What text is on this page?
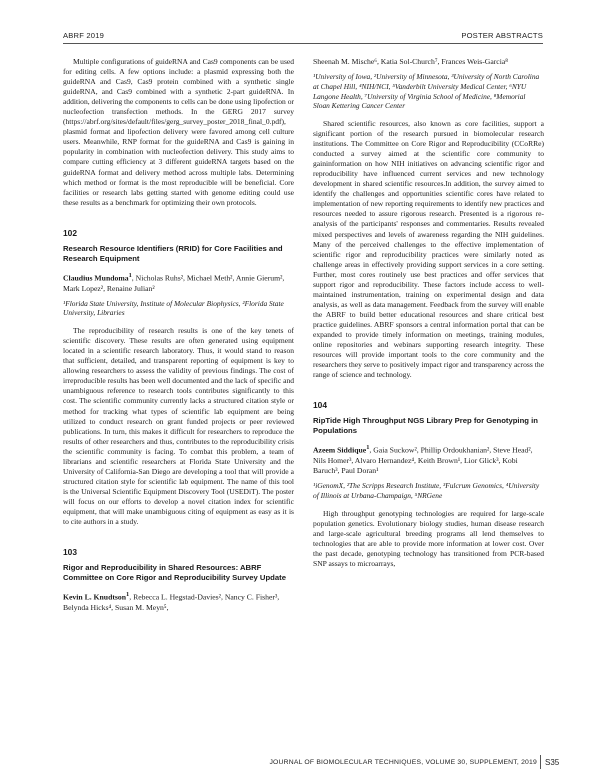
ABRF 2019	POSTER ABSTRACTS

Multiple configurations of guideRNA and Cas9 components can be used for editing cells. A few options include: a plasmid expressing both the guideRNA and Cas9, Cas9 protein combined with a synthetic single guideRNA, and Cas9 combined with a synthetic 2-part guideRNA. In addition, delivering the components to cells can be done using lipofection or nucleofection transfection methods. In the GERG 2017 survey (https://abrf.org/sites/default/files/gerg_survey_poster_2018_final_0.pdf), plasmid format and lipofection delivery were favored among cell culture users. Meanwhile, RNP format for the guideRNA and Cas9 is gaining in popularity in combination with nucleofection delivery. This study aims to compare cutting efficiency at 3 different guideRNA targets based on the guideRNA format and delivery method across multiple labs. Determining which method or format is the most reproducible will be beneficial. Core facilities or research labs getting started with genome editing could use these results as a benchmark for optimizing their own protocols.

102
Research Resource Identifiers (RRID) for Core Facilities and Research Equipment
Claudius Mundoma$^1$, Nicholas Ruhs², Michael Meth², Annie Gierum², Mark Lopez², Renaine Julian²
¹Florida State University, Institute of Molecular Biophysics, ²Florida State University, Libraries

The reproducibility of research results is one of the key tenets of scientific discovery. These results are often generated using equipment located in a scientific research laboratory. Thus, it would stand to reason that sufficient, detailed, and transparent reporting of equipment is key to allowing researchers to assess the validity of previous findings. The cost of irreproducible results has been well documented and the lack of specific and unambiguous reference to research tools contributes significantly to this cost. The scientific community currently lacks a structured citation style or method for tracking what types of scientific lab equipment are being utilized to conduct research on grant funded projects or peer reviewed publications. In turn, this makes it difficult for researchers to reproduce the results of other researchers and thus, contributes to the reproducibility crisis the scientific community is facing. To combat this problem, a team of librarians and scientific researchers at Florida State University and the University of California-San Diego are developing a tool that will provide a structured citation style for scientific lab equipment. The name of this tool is the Universal Scientific Equipment Discovery Tool (USEDiT). The poster will focus on our efforts to develop a novel citation index for scientific equipment, that will make unambiguous citing of equipment as easy as it is to cite authors in a study.

103
Rigor and Reproducibility in Shared Resources: ABRF Committee on Core Rigor and Reproducibility Survey Update
Kevin L. Knudtson$^1$, Rebecca L. Hegstad-Davies², Nancy C. Fisher³, Belynda Hicks⁴, Susan M. Meyn⁵,
Sheenah M. Mische⁶, Katia Sol-Church⁷, Frances Weis-Garcia⁸
¹University of Iowa, ²University of Minnesota, ³University of North Carolina at Chapel Hill, ⁴NIH/NCI, ⁵Vanderbilt University Medical Center, ⁶NYU Langone Health, ⁷University of Virginia School of Medicine, ⁸Memorial Sloan Kettering Cancer Center

Shared scientific resources, also known as core facilities, support a significant portion of the research pursued in biomolecular research institutions. The Committee on Core Rigor and Reproducibility (CCoRRe) conducted a survey aimed at the scientific core community to gaininformation on how NIH initiatives on advancing scientific rigor and reproducibility have influenced current services and new technology development in shared scientific resources.In addition, the survey aimed to identify the challenges and opportunities scientific cores have related to implementation of new reporting requirements to identify new practices and resources needed to assure rigorous research. Presented is a rigorous re-analysis of the participants' responses and commentaries. Results revealed mixed perspectives and levels of awareness regarding the NIH guidelines. Many of the perceived challenges to the effective implementation of scientific rigor and reproducibility practices were similarly noted as challenge areas in effectively providing support services in a core setting. Further, most cores routinely use best practices and offer services that support rigor and reproducibility. These factors include access to well-maintained instrumentation, training on experimental design and data analysis, as well as data management. Feedback from the survey will enable the ABRF to build better educational resources and share critical best practice guidelines. ABRF sponsors a central information portal that can be expanded to provide timely information on meetings, training modules, online repositories and webinars supporting research integrity. These resources will provide important tools to the core community and the researchers they serve to positively impact rigor and transparency across the range of science and technology.

104
RipTide High Throughput NGS Library Prep for Genotyping in Populations
Azeem Siddique$^1$, Gaia Suckow², Phillip Ordoukhanian², Steve Head², Nils Homer³, Alvaro Hernandez⁴, Keith Brown¹, Lior Glick³, Kobi Baruch³, Paul Doran¹
¹iGenomX, ²The Scripps Research Institute, ³Fulcrum Genomics, ⁴University of Illinois at Urbana-Champaign, ⁵NRGene

High throughput genotyping technologies are required for large-scale population genetics. Evolutionary biology studies, human disease research and large-scale agricultural breeding programs all lend themselves to technologies that are able to provide more information at lower cost. Over the past decade, genotyping technology has transitioned from PCR-based SNP assays to microarrays,

JOURNAL OF BIOMOLECULAR TECHNIQUES, VOLUME 30, SUPPLEMENT, 2019 S35
